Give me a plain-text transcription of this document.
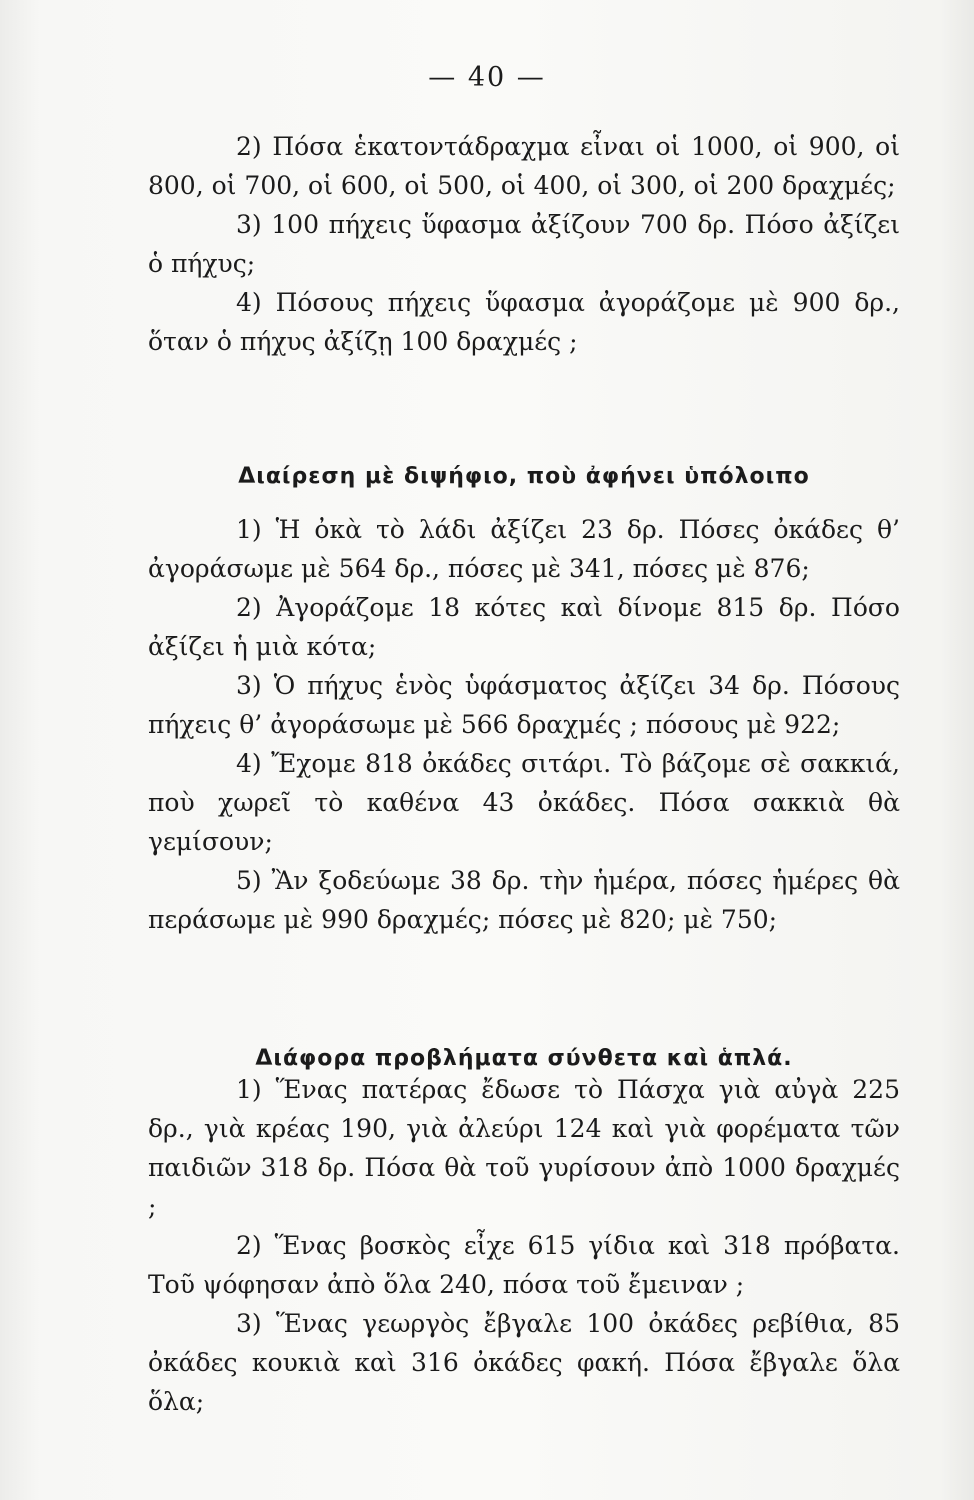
— 40 —

2) Πόσα ἑκατοντάδραχμα εἶναι οἱ 1000, οἱ 900, οἱ 800, οἱ 700, οἱ 600, οἱ 500, οἱ 400, οἱ 300, οἱ 200 δραχμές;

3) 100 πήχεις ὕφασμα ἀξίζουν 700 δρ. Πόσο ἀξίζει ὁ πήχυς;

4) Πόσους πήχεις ὕφασμα ἀγοράζομε μὲ 900 δρ., ὅταν ὁ πήχυς ἀξίζῃ 100 δραχμές ;

Διαίρεση μὲ διψήφιο, ποὺ ἀφήνει ὑπόλοιπο

1) Ἡ ὀκὰ τὸ λάδι ἀξίζει 23 δρ. Πόσες ὀκάδες θ’ ἀγοράσωμε μὲ 564 δρ., πόσες μὲ 341, πόσες μὲ 876;

2) Ἀγοράζομε 18 κότες καὶ δίνομε 815 δρ. Πόσο ἀξίζει ἡ μιὰ κότα;

3) Ὁ πήχυς ἑνὸς ὑφάσματος ἀξίζει 34 δρ. Πόσους πήχεις θ’ ἀγοράσωμε μὲ 566 δραχμές ; πόσους μὲ 922;

4) Ἔχομε 818 ὀκάδες σιτάρι. Τὸ βάζομε σὲ σακκιά, ποὺ χωρεῖ τὸ καθένα 43 ὀκάδες. Πόσα σακκιὰ θὰ γεμίσουν;

5) Ἂν ξοδεύωμε 38 δρ. τὴν ἡμέρα, πόσες ἡμέρες θὰ περάσωμε μὲ 990 δραχμές; πόσες μὲ 820; μὲ 750;

Διάφορα προβλήματα σύνθετα καὶ ἁπλά.

1) Ἕνας πατέρας ἔδωσε τὸ Πάσχα γιὰ αὐγὰ 225 δρ., γιὰ κρέας 190, γιὰ ἀλεύρι 124 καὶ γιὰ φορέματα τῶν παιδιῶν 318 δρ. Πόσα θὰ τοῦ γυρίσουν ἀπὸ 1000 δραχμές ;

2) Ἕνας βοσκὸς εἶχε 615 γίδια καὶ 318 πρόβατα. Τοῦ ψόφησαν ἀπὸ ὅλα 240, πόσα τοῦ ἔμειναν ;

3) Ἕνας γεωργὸς ἔβγαλε 100 ὀκάδες ρεβίθια, 85 ὀκάδες κουκιὰ καὶ 316 ὀκάδες φακή. Πόσα ἔβγαλε ὅλα ὅλα;
